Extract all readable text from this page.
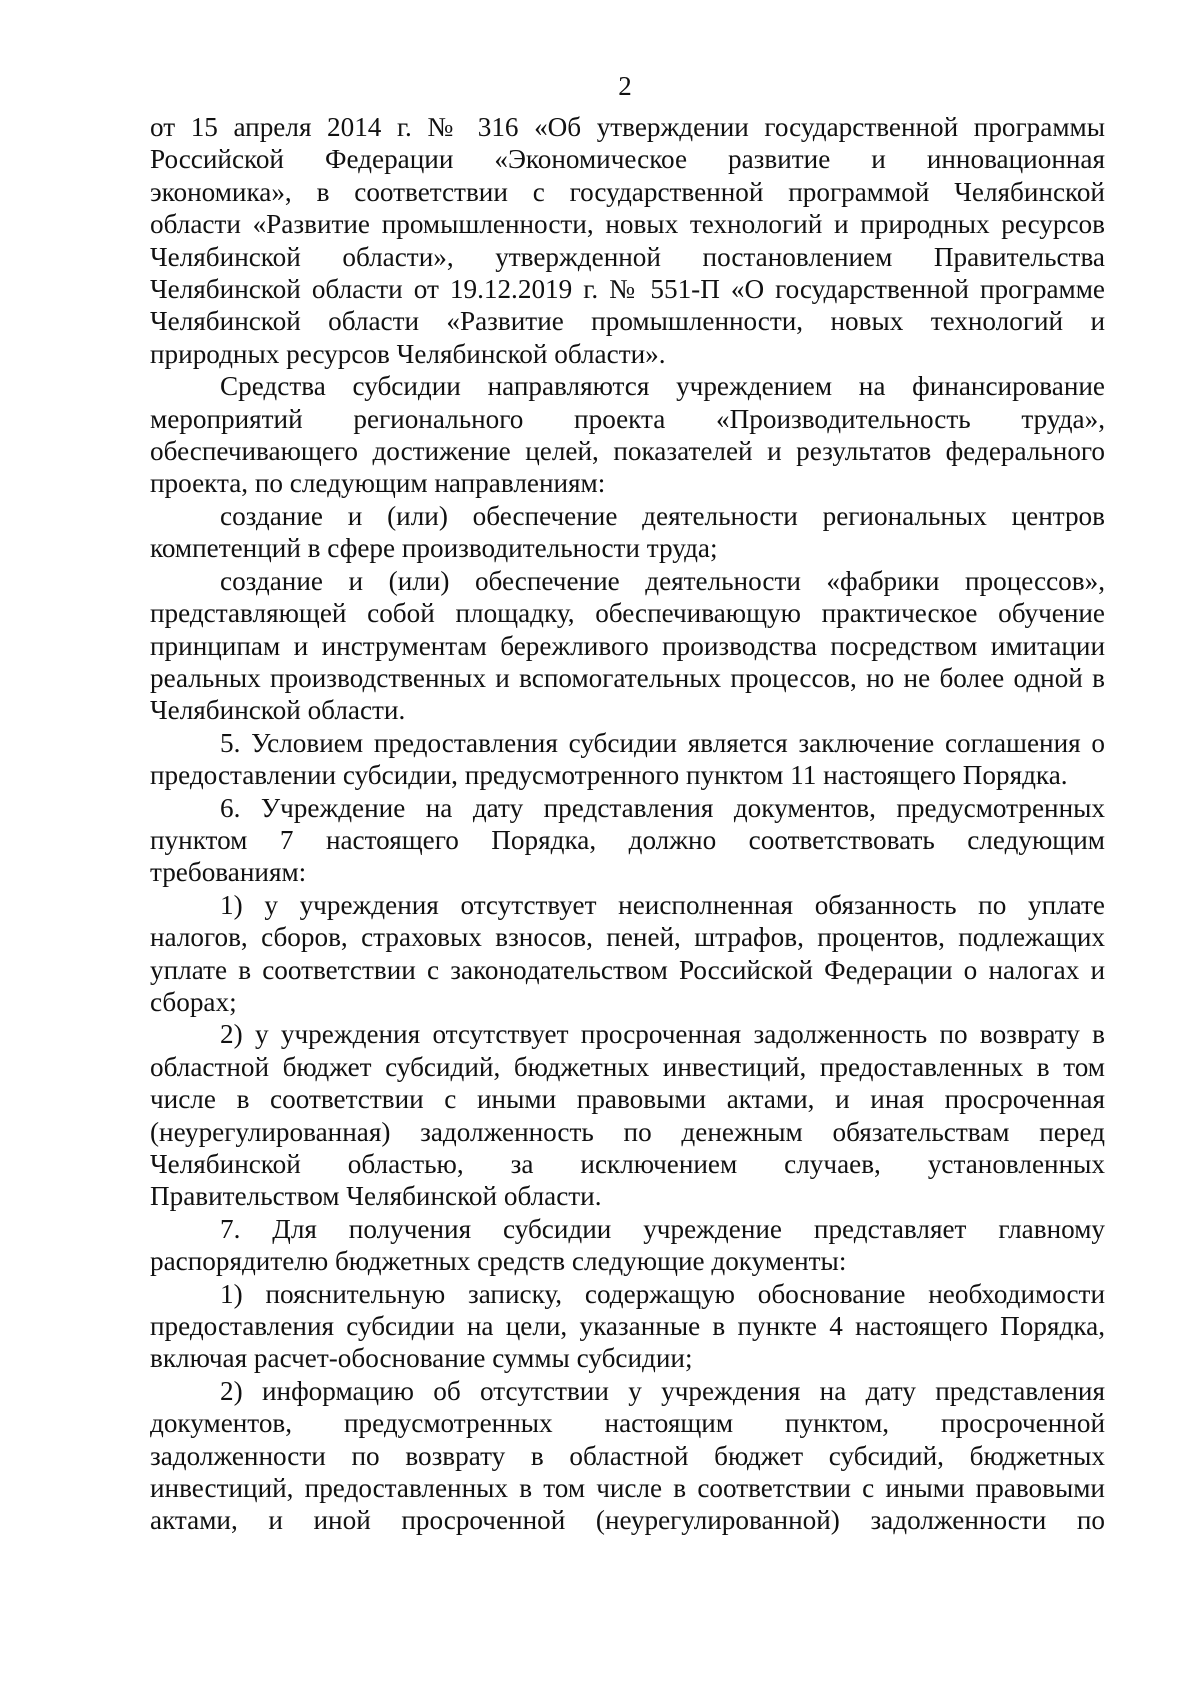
2

от 15 апреля 2014 г. № 316 «Об утверждении государственной программы

Российской Федерации «Экономическое развитие и инновационная

экономика», в соответствии с государственной программой Челябинской

области «Развитие промышленности, новых технологий и природных ресурсов

Челябинской области», утвержденной постановлением Правительства

Челябинской области от 19.12.2019 г. № 551-П «О государственной программе

Челябинской области «Развитие промышленности, новых технологий и

природных ресурсов Челябинской области».

Средства субсидии направляются учреждением на финансирование

мероприятий регионального проекта «Производительность труда»,

обеспечивающего достижение целей, показателей и результатов федерального

проекта, по следующим направлениям:

создание и (или) обеспечение деятельности региональных центров

компетенций в сфере производительности труда;

создание и (или) обеспечение деятельности «фабрики процессов»,

представляющей собой площадку, обеспечивающую практическое обучение

принципам и инструментам бережливого производства посредством имитации

реальных производственных и вспомогательных процессов, но не более одной в

Челябинской области.

5. Условием предоставления субсидии является заключение соглашения о

предоставлении субсидии, предусмотренного пунктом 11 настоящего Порядка.

6. Учреждение на дату представления документов, предусмотренных

пунктом 7 настоящего Порядка, должно соответствовать следующим

требованиям:

1) у учреждения отсутствует неисполненная обязанность по уплате

налогов, сборов, страховых взносов, пеней, штрафов, процентов, подлежащих

уплате в соответствии с законодательством Российской Федерации о налогах и

сборах;

2) у учреждения отсутствует просроченная задолженность по возврату в

областной бюджет субсидий, бюджетных инвестиций, предоставленных в том

числе в соответствии с иными правовыми актами, и иная просроченная

(неурегулированная) задолженность по денежным обязательствам перед

Челябинской областью, за исключением случаев, установленных

Правительством Челябинской области.

7. Для получения субсидии учреждение представляет главному

распорядителю бюджетных средств следующие документы:

1) пояснительную записку, содержащую обоснование необходимости

предоставления субсидии на цели, указанные в пункте 4 настоящего Порядка,

включая расчет-обоснование суммы субсидии;

2) информацию об отсутствии у учреждения на дату представления

документов, предусмотренных настоящим пунктом, просроченной

задолженности по возврату в областной бюджет субсидий, бюджетных

инвестиций, предоставленных в том числе в соответствии с иными правовыми

актами, и иной просроченной (неурегулированной) задолженности по
